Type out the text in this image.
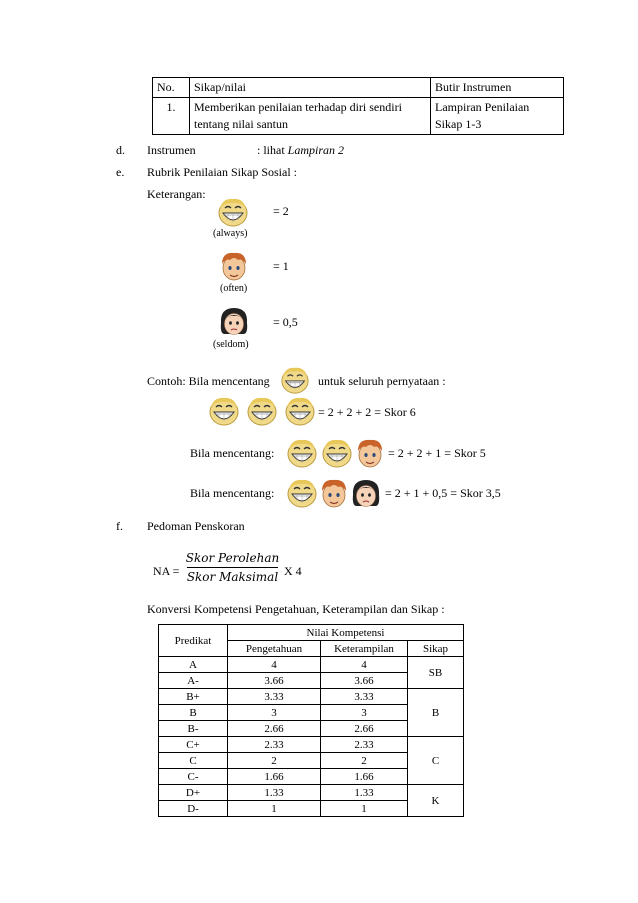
No.	Sikap/nilai	Butir Instrumen
1.	Memberikan penilaian terhadap diri sendiri tentang nilai santun	Lampiran Penilaian Sikap 1-3
d. Instrumen	: lihat Lampiran 2
e. Rubrik Penilaian Sikap Sosial :
Keterangan:
= 2
(always)
= 1
(often)
= 0,5
(seldom)
Contoh: Bila mencentang	untuk seluruh pernyataan :
= 2 + 2 + 2 = Skor 6
Bila mencentang:	= 2 + 2 + 1 = Skor 5
Bila mencentang:	= 2 + 1 + 0,5 = Skor 3,5
f. Pedoman Penskoran
NA =
Skor Perolehan
Skor Maksimal X 4
Konversi Kompetensi Pengetahuan, Keterampilan dan Sikap :
Predikat	Nilai Kompetensi		
	Pengetahuan	Keterampilan	Sikap
A	4	4	SB
A-	3.66	3.66	
B+	3.33	3.33	B
B	3	3	
B-	2.66	2.66	
C+	2.33	2.33	C
C	2	2	
C-	1.66	1.66	
D+	1.33	1.33	K
D-	1	1	
